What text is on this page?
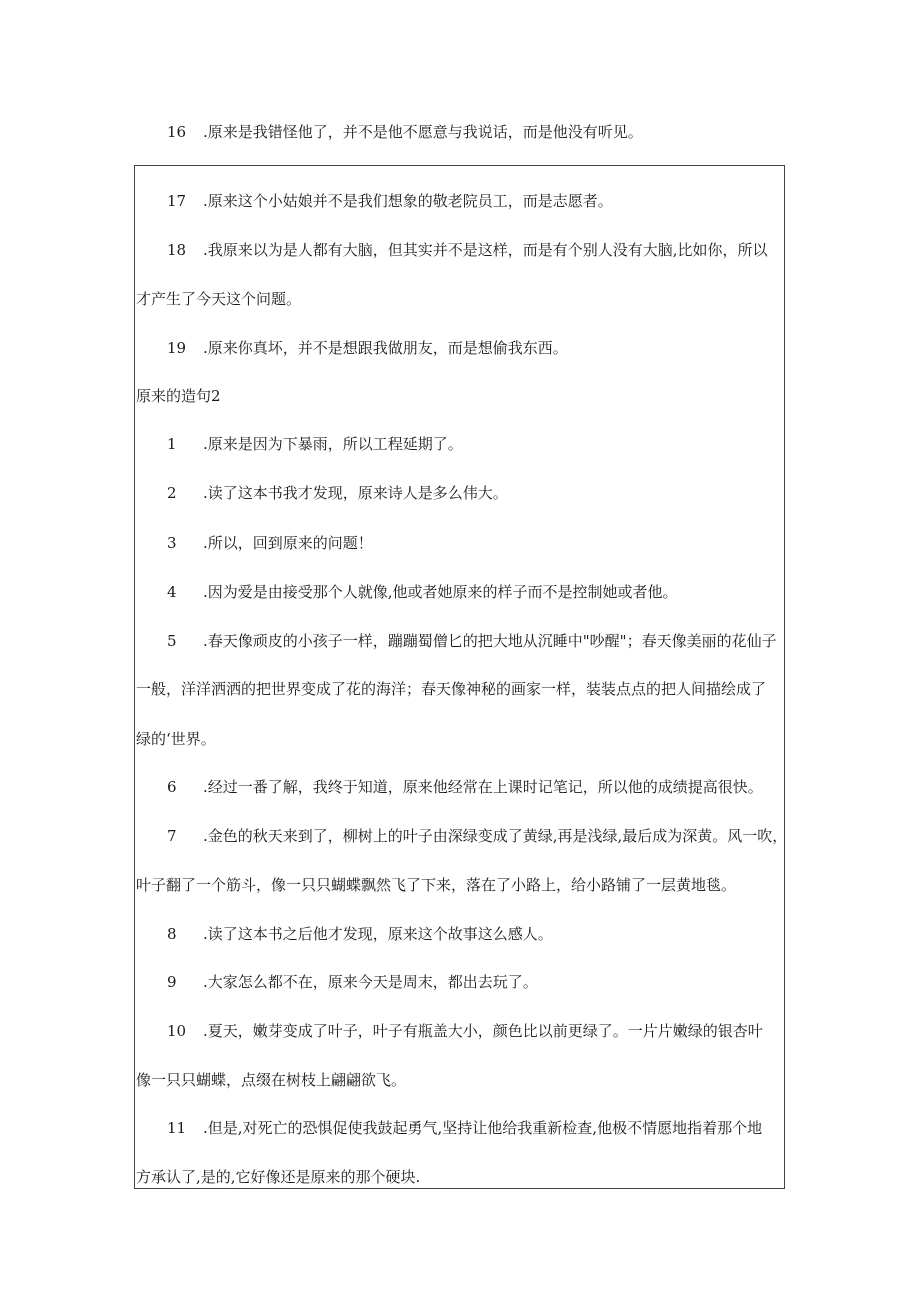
16 .原来是我错怪他了，并不是他不愿意与我说话，而是他没有听见。
17 .原来这个小姑娘并不是我们想象的敬老院员工，而是志愿者。
18 .我原来以为是人都有大脑，但其实并不是这样，而是有个别人没有大脑,比如你，所以
才产生了今天这个问题。
19 .原来你真坏，并不是想跟我做朋友，而是想偷我东西。
原来的造句2
1 .原来是因为下暴雨，所以工程延期了。
2 .读了这本书我才发现，原来诗人是多么伟大。
3 .所以，回到原来的问题！
4 .因为爱是由接受那个人就像,他或者她原来的样子而不是控制她或者他。
5 .春天像顽皮的小孩子一样，蹦蹦蜀僧匕的把大地从沉睡中"吵醒"；春天像美丽的花仙子
一般，洋洋洒洒的把世界变成了花的海洋；春天像神秘的画家一样，装装点点的把人间描绘成了
绿的‘世界。
6 .经过一番了解，我终于知道，原来他经常在上课时记笔记，所以他的成绩提高很快。
7 .金色的秋天来到了，柳树上的叶子由深绿变成了黄绿,再是浅绿,最后成为深黄。风一吹，
叶子翻了一个筋斗，像一只只蝴蝶飘然飞了下来，落在了小路上，给小路铺了一层黄地毯。
8 .读了这本书之后他才发现，原来这个故事这么感人。
9 .大家怎么都不在，原来今天是周末，都出去玩了。
10 .夏天，嫩芽变成了叶子，叶子有瓶盖大小，颜色比以前更绿了。一片片嫩绿的银杏叶
像一只只蝴蝶，点缀在树枝上翩翩欲飞。
11 .但是,对死亡的恐惧促使我鼓起勇气,坚持让他给我重新检查,他极不情愿地指着那个地
方承认了,是的,它好像还是原来的那个硬块.
